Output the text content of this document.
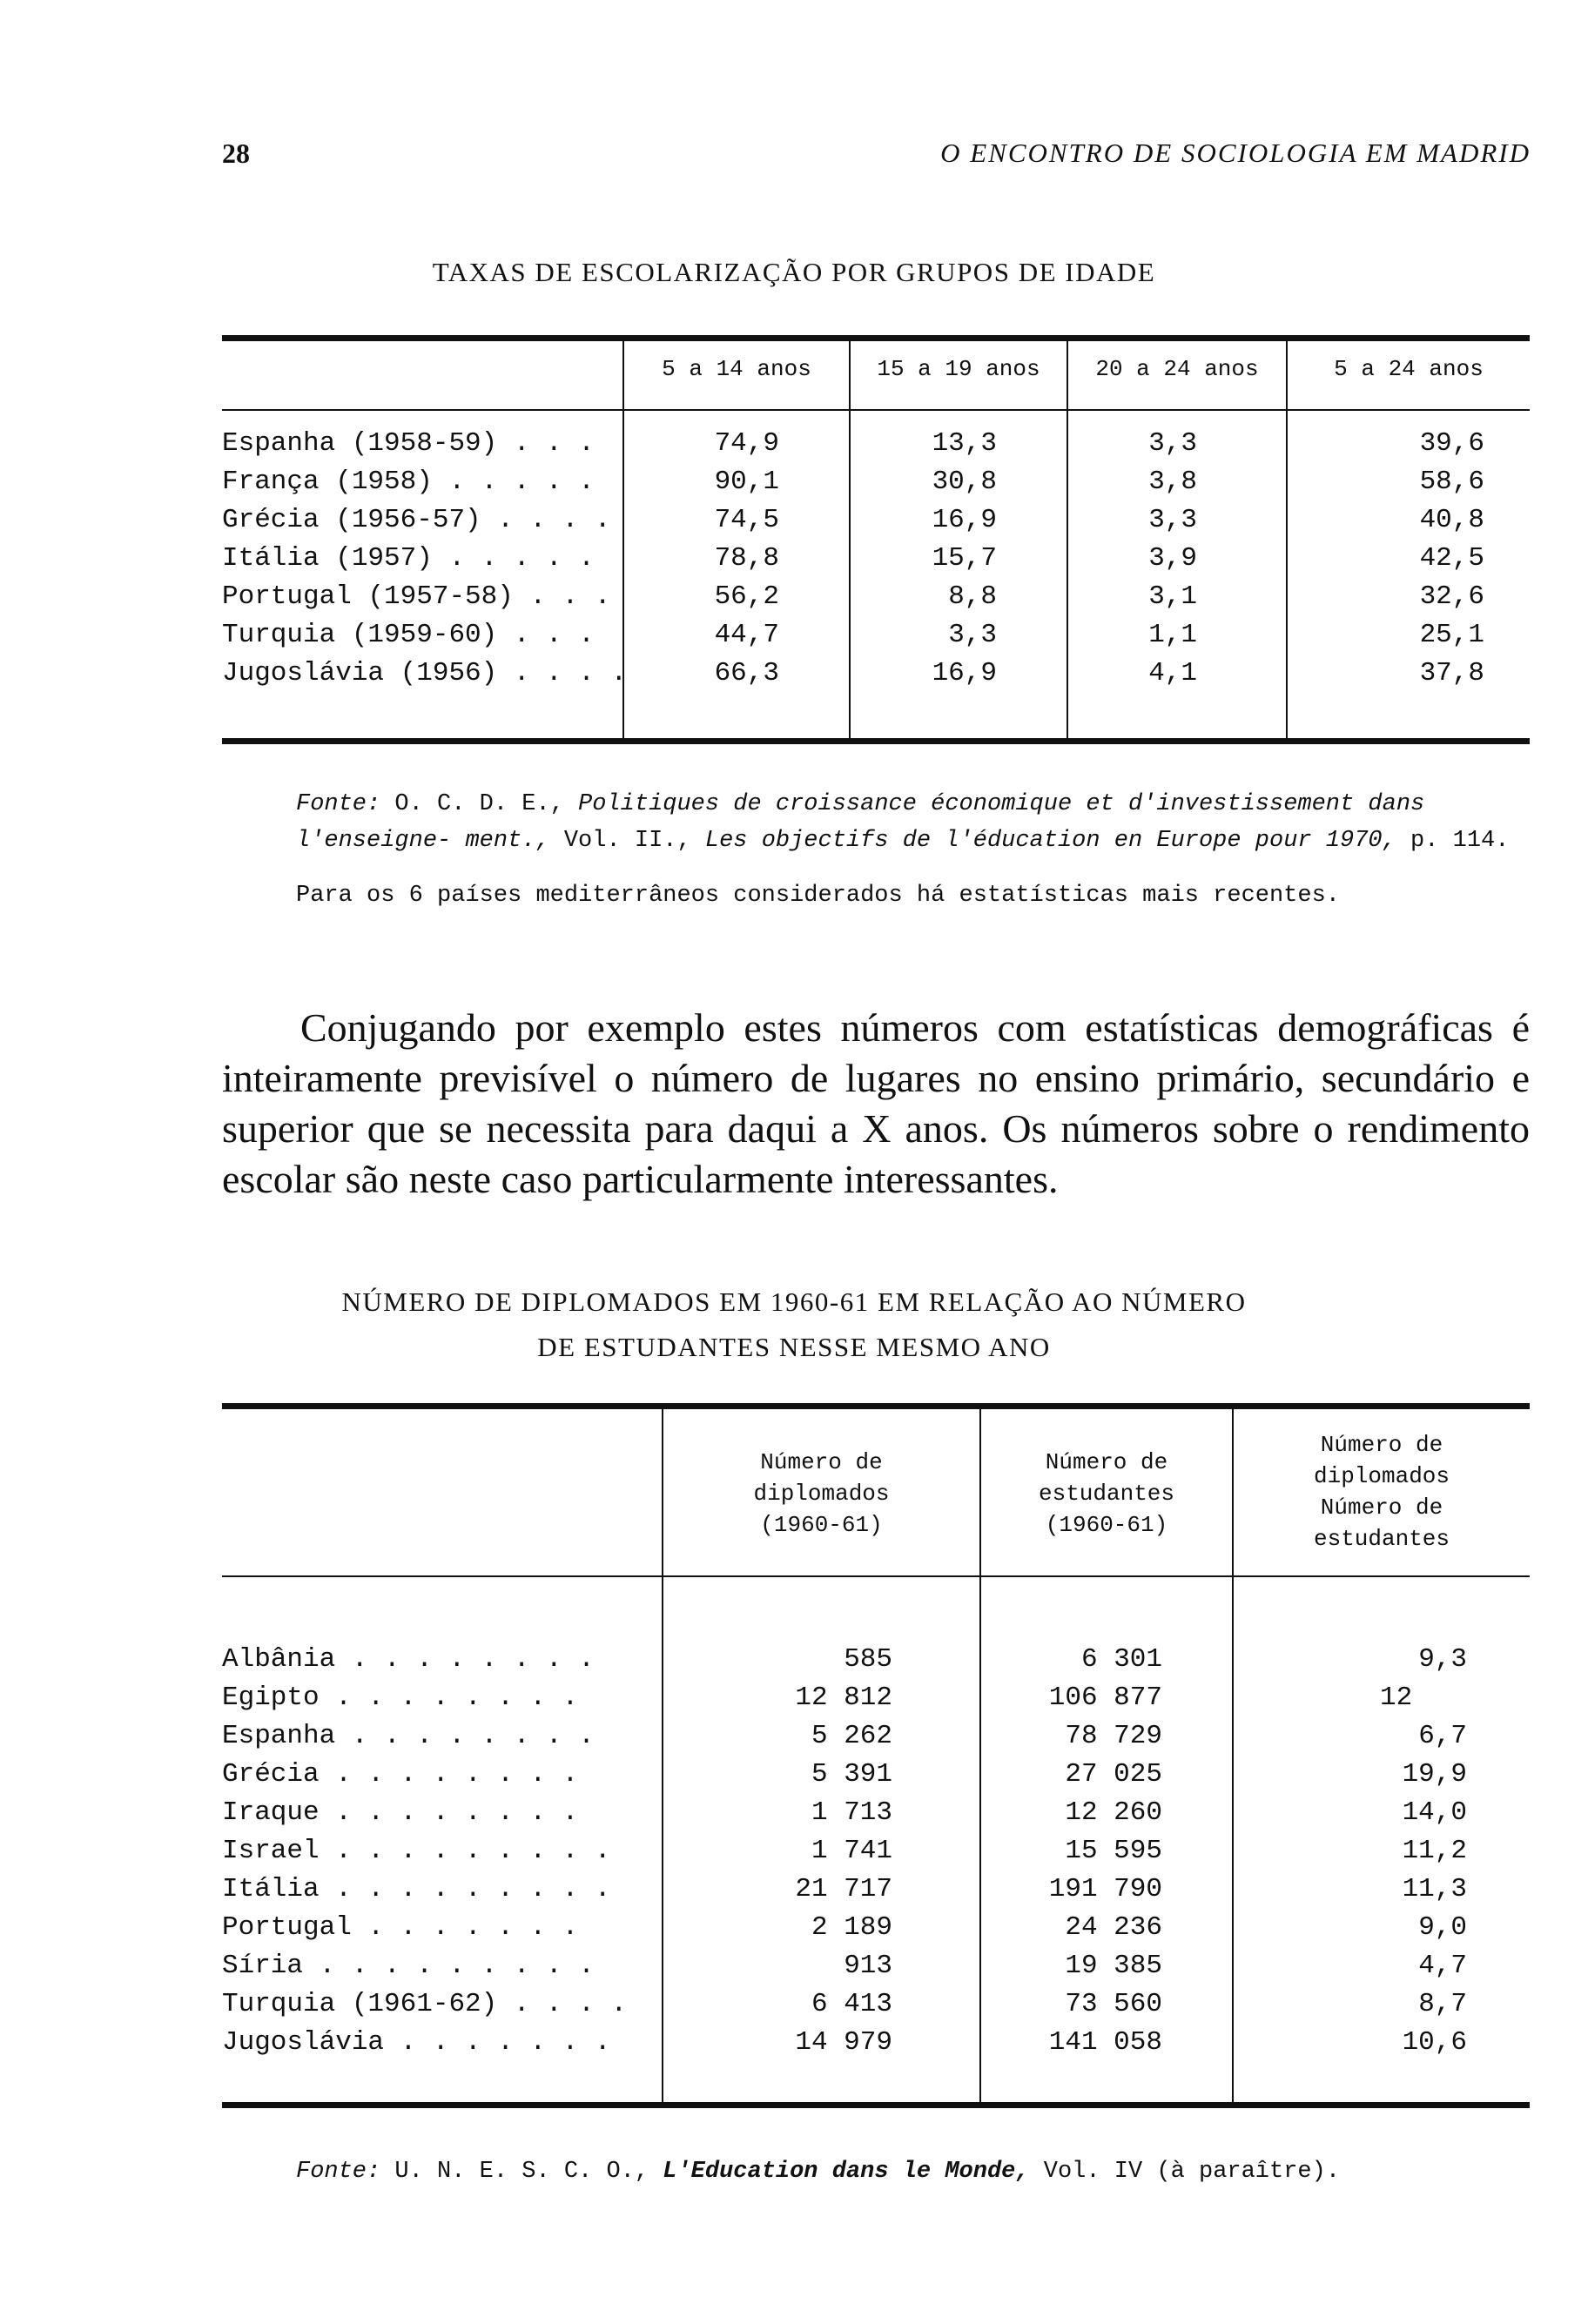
28	O ENCONTRO DE SOCIOLOGIA EM MADRID
TAXAS DE ESCOLARIZAÇÃO POR GRUPOS DE IDADE
5 a 14 anos	15 a 19 anos	20 a 24 anos	5 a 24 anos
Espanha (1958-59) . . .	74,9	13,3	3,3	39,6
França (1958) . . . . .	90,1	30,8	3,8	58,6
Grécia (1956-57) . . . .	74,5	16,9	3,3	40,8
Itália (1957) . . . . .	78,8	15,7	3,9	42,5
Portugal (1957-58) . . .	56,2	8,8	3,1	32,6
Turquia (1959-60) . . .	44,7	3,3	1,1	25,1
Jugoslávia (1956) . . . .	66,3	16,9	4,1	37,8
Fonte: O. C. D. E., Politiques de croissance économique et d'investissement dans l'enseigne- ment., Vol. II., Les objectifs de l'éducation en Europe pour 1970, p. 114.
Para os 6 países mediterrâneos considerados há estatísticas mais recentes.
Conjugando por exemplo estes números com estatísticas demográficas é inteiramente previsível o número de lugares no ensino primário, secundário e superior que se necessita para daqui a X anos. Os números sobre o rendimento escolar são neste caso particularmente interessantes.
NÚMERO DE DIPLOMADOS EM 1960-61 EM RELAÇÃO AO NÚMERO
DE ESTUDANTES NESSE MESMO ANO
Número de
diplomados
(1960-61)
Número de
estudantes
(1960-61)
Número de
diplomados
Número de
estudantes
Albânia . . . . . . . .	585	6 301	9,3
Egipto . . . . . . . .	12 812	106 877	12
Espanha . . . . . . . .	5 262	78 729	6,7
Grécia . . . . . . . .	5 391	27 025	19,9
Iraque . . . . . . . .	1 713	12 260	14,0
Israel . . . . . . . . .	1 741	15 595	11,2
Itália . . . . . . . . .	21 717	191 790	11,3
Portugal . . . . . . .	2 189	24 236	9,0
Síria . . . . . . . . .	913	19 385	4,7
Turquia (1961-62) . . . .	6 413	73 560	8,7
Jugoslávia . . . . . . .	14 979	141 058	10,6
Fonte: U. N. E. S. C. O., L'Education dans le Monde, Vol. IV (à paraître).
